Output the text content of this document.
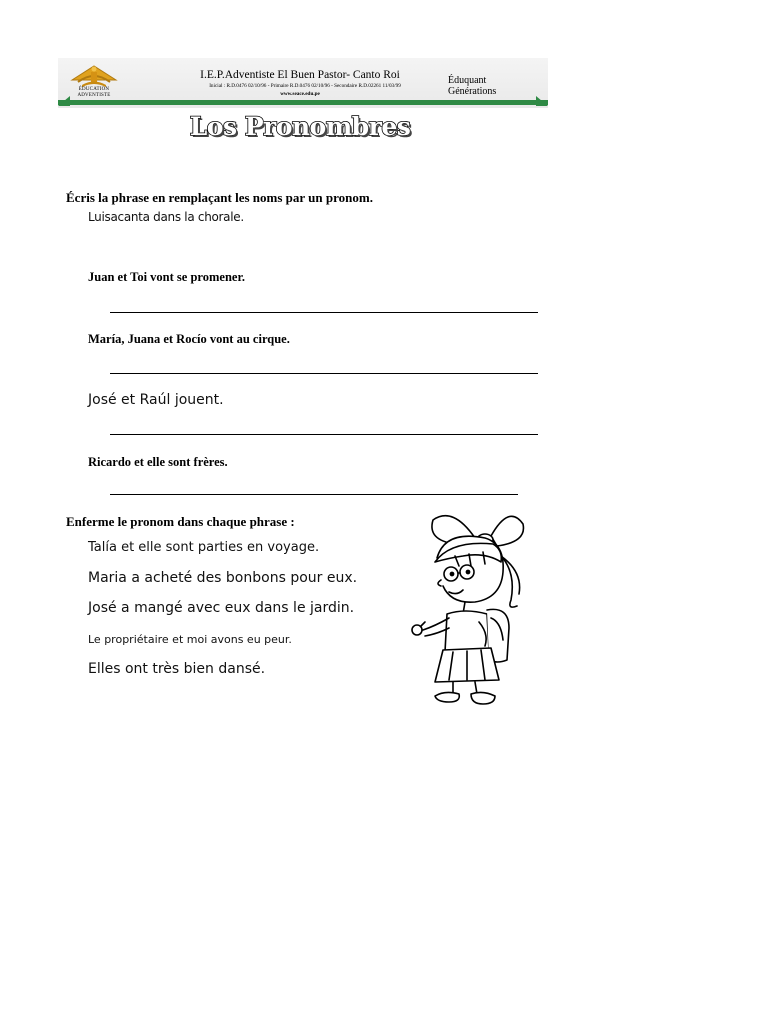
ÉDUCATION ADVENTISTE
I.E.P.Adventiste El Buen Pastor- Canto Roi
Inicial : R.D.0476 02/10/96 - Primaire R.D.0476 02/10/96 - Secondaire R.D.02261 11/03/99
www.seace.edu.pe
Éduquant
Générations
Los Pronombres
Écris la phrase en remplaçant les noms par un pronom.
Luisacanta dans la chorale.
Juan et Toi vont se promener.
María, Juana et Rocío vont au cirque.
José et Raúl jouent.
Ricardo et elle sont frères.
Enferme le pronom dans chaque phrase :
Talía et elle sont parties en voyage.
Maria a acheté des bonbons pour eux.
José a mangé avec eux dans le jardin.
Le propriétaire et moi avons eu peur.
Elles ont très bien dansé.
